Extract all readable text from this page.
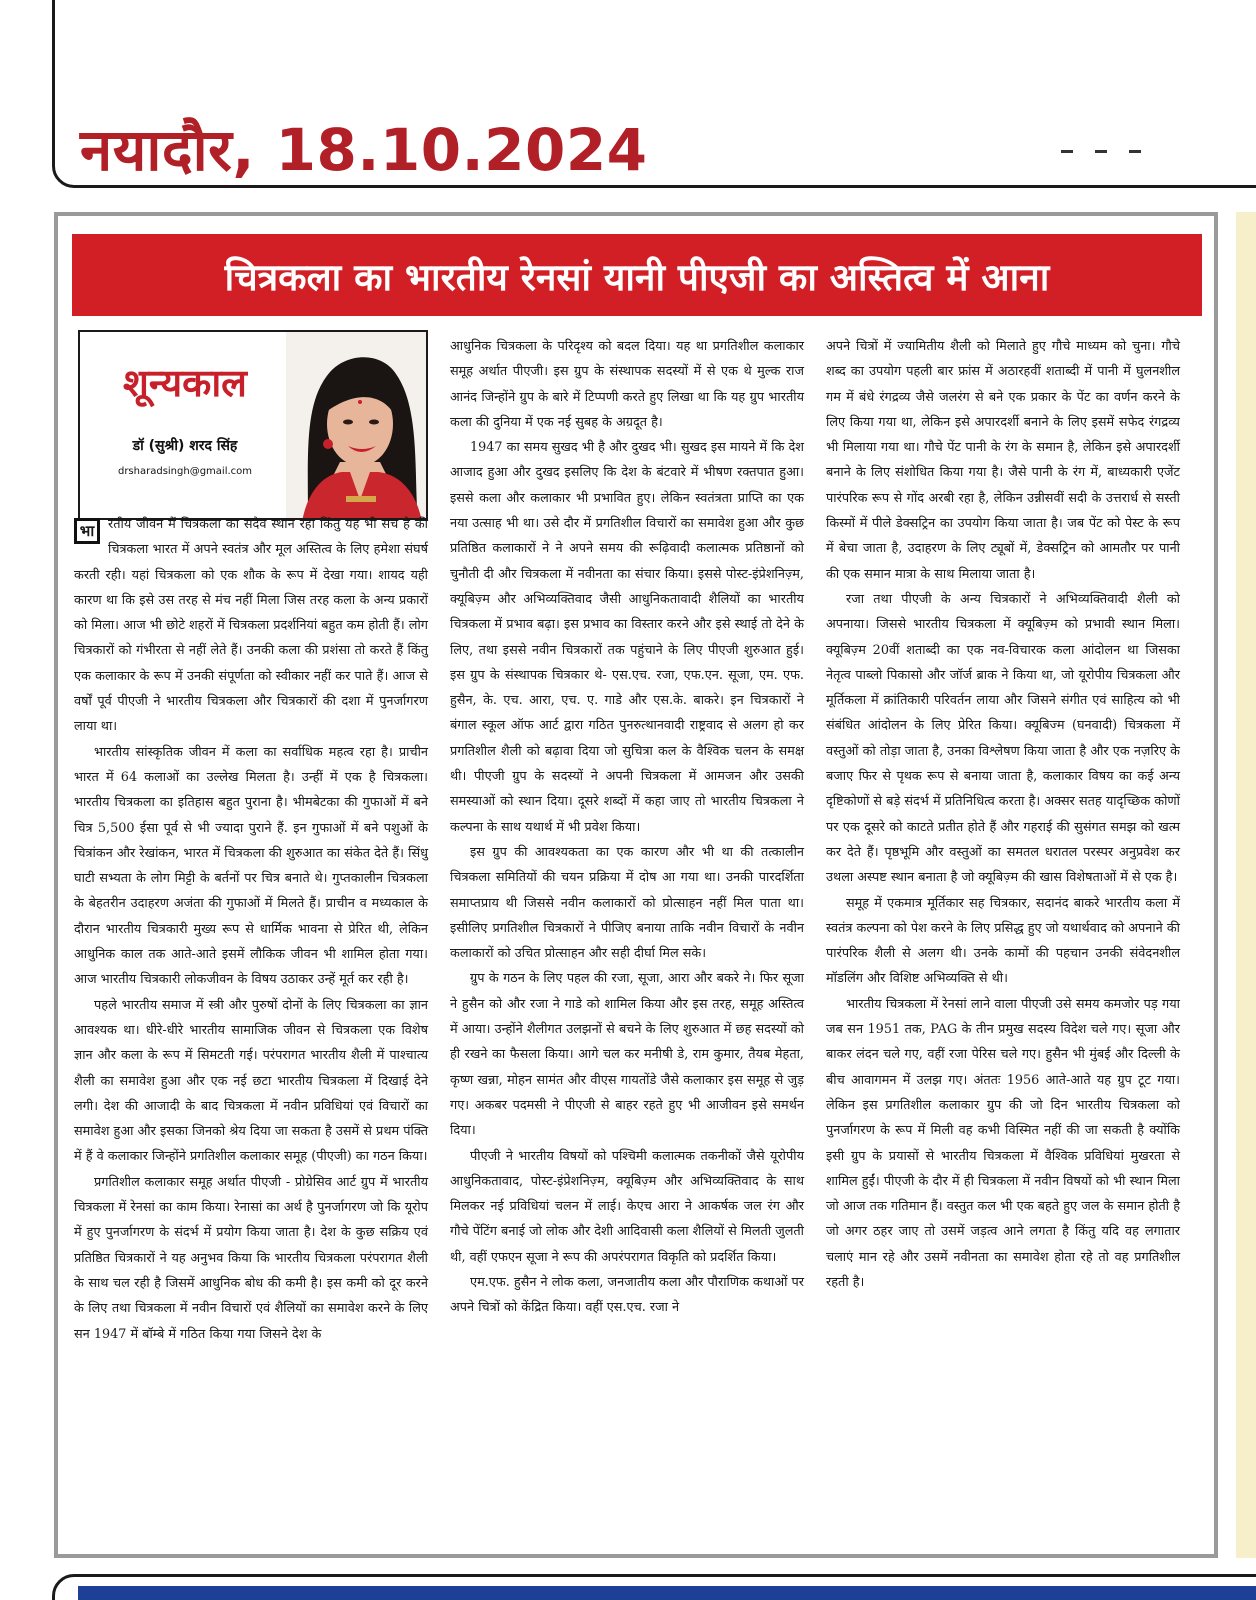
नयादौर, 18.10.2024
चित्रकला का भारतीय रेनसां यानी पीएजी का अस्तित्व में आना
शून्यकाल
डॉ (सुश्री) शरद सिंह
drsharadsingh@gmail.com

भा	रतीय जीवन में चित्रकला का सदैव स्थान रहा किंतु यह भी सच है की चित्रकला भारत में अपने स्वतंत्र और मूल अस्तित्व के लिए हमेशा संघर्ष करती रही। यहां चित्रकला को एक शौक के रूप में देखा गया। शायद यही कारण था कि इसे उस तरह से मंच नहीं मिला जिस तरह कला के अन्य प्रकारों को मिला। आज भी छोटे शहरों में चित्रकला प्रदर्शनियां बहुत कम होती हैं। लोग चित्रकारों को गंभीरता से नहीं लेते हैं। उनकी कला की प्रशंसा तो करते हैं किंतु एक कलाकार के रूप में उनकी संपूर्णता को स्वीकार नहीं कर पाते हैं। आज से वर्षों पूर्व पीएजी ने भारतीय चित्रकला और चित्रकारों की दशा में पुनर्जागरण लाया था।

भारतीय सांस्कृतिक जीवन में कला का सर्वाधिक महत्व रहा है। प्राचीन भारत में 64 कलाओं का उल्लेख मिलता है। उन्हीं में एक है चित्रकला। भारतीय चित्रकला का इतिहास बहुत पुराना है। भीमबेटका की गुफाओं में बने चित्र 5,500 ईसा पूर्व से भी ज्यादा पुराने हैं. इन गुफाओं में बने पशुओं के चित्रांकन और रेखांकन, भारत में चित्रकला की शुरुआत का संकेत देते हैं। सिंधु घाटी सभ्यता के लोग मिट्टी के बर्तनों पर चित्र बनाते थे। गुप्तकालीन चित्रकला के बेहतरीन उदाहरण अजंता की गुफाओं में मिलते हैं। प्राचीन व मध्यकाल के दौरान भारतीय चित्रकारी मुख्य रूप से धार्मिक भावना से प्रेरित थी, लेकिन आधुनिक काल तक आते-आते इसमें लौकिक जीवन भी शामिल होता गया। आज भारतीय चित्रकारी लोकजीवन के विषय उठाकर उन्हें मूर्त कर रही है।

पहले भारतीय समाज में स्त्री और पुरुषों दोनों के लिए चित्रकला का ज्ञान आवश्यक था। धीरे-धीरे भारतीय सामाजिक जीवन से चित्रकला एक विशेष ज्ञान और कला के रूप में सिमटती गई। परंपरागत भारतीय शैली में पाश्चात्य शैली का समावेश हुआ और एक नई छटा भारतीय चित्रकला में दिखाई देने लगी। देश की आजादी के बाद चित्रकला में नवीन प्रविधियां एवं विचारों का समावेश हुआ और इसका जिनको श्रेय दिया जा सकता है उसमें से प्रथम पंक्ति में हैं वे कलाकार जिन्होंने प्रगतिशील कलाकार समूह (पीएजी) का गठन किया।

प्रगतिशील कलाकार समूह अर्थात पीएजी - प्रोग्रेसिव आर्ट ग्रुप में भारतीय चित्रकला में रेनसां का काम किया। रेनासां का अर्थ है पुनर्जागरण जो कि यूरोप में हुए पुनर्जागरण के संदर्भ में प्रयोग किया जाता है। देश के कुछ सक्रिय एवं प्रतिष्ठित चित्रकारों ने यह अनुभव किया कि भारतीय चित्रकला परंपरागत शैली के साथ चल रही है जिसमें आधुनिक बोध की कमी है। इस कमी को दूर करने के लिए तथा चित्रकला में नवीन विचारों एवं शैलियों का समावेश करने के लिए सन 1947 में बॉम्बे में गठित किया गया जिसने देश के

आधुनिक चित्रकला के परिदृश्य को बदल दिया। यह था प्रगतिशील कलाकार समूह अर्थात पीएजी। इस ग्रुप के संस्थापक सदस्यों में से एक थे मुल्क राज आनंद जिन्होंने ग्रुप के बारे में टिप्पणी करते हुए लिखा था कि यह ग्रुप भारतीय कला की दुनिया में एक नई सुबह के अग्रदूत है।

1947 का समय सुखद भी है और दुखद भी। सुखद इस मायने में कि देश आजाद हुआ और दुखद इसलिए कि देश के बंटवारे में भीषण रक्तपात हुआ। इससे कला और कलाकार भी प्रभावित हुए। लेकिन स्वतंत्रता प्राप्ति का एक नया उत्साह भी था। उसे दौर में प्रगतिशील विचारों का समावेश हुआ और कुछ प्रतिष्ठित कलाकारों ने ने अपने समय की रूढ़िवादी कलात्मक प्रतिष्ठानों को चुनौती दी और चित्रकला में नवीनता का संचार किया। इससे पोस्ट-इंप्रेशनिज़्म, क्यूबिज़्म और अभिव्यक्तिवाद जैसी आधुनिकतावादी शैलियों का भारतीय चित्रकला में प्रभाव बढ़ा। इस प्रभाव का विस्तार करने और इसे स्थाई तो देने के लिए, तथा इससे नवीन चित्रकारों तक पहुंचाने के लिए पीएजी शुरुआत हुई। इस ग्रुप के संस्थापक चित्रकार थे- एस.एच. रजा, एफ.एन. सूजा, एम. एफ. हुसैन, के. एच. आरा, एच. ए. गाडे और एस.के. बाकरे। इन चित्रकारों ने बंगाल स्कूल ऑफ आर्ट द्वारा गठित पुनरुत्थानवादी राष्ट्रवाद से अलग हो कर प्रगतिशील शैली को बढ़ावा दिया जो सुचित्रा कल के वैश्विक चलन के समक्ष थी। पीएजी ग्रुप के सदस्यों ने अपनी चित्रकला में आमजन और उसकी समस्याओं को स्थान दिया। दूसरे शब्दों में कहा जाए तो भारतीय चित्रकला ने कल्पना के साथ यथार्थ में भी प्रवेश किया।

इस ग्रुप की आवश्यकता का एक कारण और भी था की तत्कालीन चित्रकला समितियों की चयन प्रक्रिया में दोष आ गया था। उनकी पारदर्शिता समाप्तप्राय थी जिससे नवीन कलाकारों को प्रोत्साहन नहीं मिल पाता था। इसीलिए प्रगतिशील चित्रकारों ने पीजिए बनाया ताकि नवीन विचारों के नवीन कलाकारों को उचित प्रोत्साहन और सही दीर्घा मिल सके।

ग्रुप के गठन के लिए पहल की रजा, सूजा, आरा और बकरे ने। फिर सूजा ने हुसैन को और रजा ने गाडे को शामिल किया और इस तरह, समूह अस्तित्व में आया। उन्होंने शैलीगत उलझनों से बचने के लिए शुरुआत में छह सदस्यों को ही रखने का फैसला किया। आगे चल कर मनीषी डे, राम कुमार, तैयब मेहता, कृष्ण खन्ना, मोहन सामंत और वीएस गायतोंडे जैसे कलाकार इस समूह से जुड़ गए। अकबर पदमसी ने पीएजी से बाहर रहते हुए भी आजीवन इसे समर्थन दिया।

पीएजी ने भारतीय विषयों को पश्चिमी कलात्मक तकनीकों जैसे यूरोपीय आधुनिकतावाद, पोस्ट-इंप्रेशनिज़्म, क्यूबिज़्म और अभिव्यक्तिवाद के साथ मिलकर नई प्रविधियां चलन में लाई। केएच आरा ने आकर्षक जल रंग और गौचे पेंटिंग बनाई जो लोक और देशी आदिवासी कला शैलियों से मिलती जुलती थी, वहीं एफएन सूजा ने रूप की अपरंपरागत विकृति को प्रदर्शित किया।

एम.एफ. हुसैन ने लोक कला, जनजातीय कला और पौराणिक कथाओं पर अपने चित्रों को केंद्रित किया। वहीं एस.एच. रजा ने

अपने चित्रों में ज्यामितीय शैली को मिलाते हुए गौचे माध्यम को चुना। गौचे शब्द का उपयोग पहली बार फ्रांस में अठारहवीं शताब्दी में पानी में घुलनशील गम में बंधे रंगद्रव्य जैसे जलरंग से बने एक प्रकार के पेंट का वर्णन करने के लिए किया गया था, लेकिन इसे अपारदर्शी बनाने के लिए इसमें सफेद रंगद्रव्य भी मिलाया गया था। गौचे पेंट पानी के रंग के समान है, लेकिन इसे अपारदर्शी बनाने के लिए संशोधित किया गया है। जैसे पानी के रंग में, बाध्यकारी एजेंट पारंपरिक रूप से गोंद अरबी रहा है, लेकिन उन्नीसवीं सदी के उत्तरार्ध से सस्ती किस्मों में पीले डेक्सट्रिन का उपयोग किया जाता है। जब पेंट को पेस्ट के रूप में बेचा जाता है, उदाहरण के लिए ट्यूबों में, डेक्सट्रिन को आमतौर पर पानी की एक समान मात्रा के साथ मिलाया जाता है।

रजा तथा पीएजी के अन्य चित्रकारों ने अभिव्यक्तिवादी शैली को अपनाया। जिससे भारतीय चित्रकला में क्यूबिज़्म को प्रभावी स्थान मिला। क्यूबिज़्म 20वीं शताब्दी का एक नव-विचारक कला आंदोलन था जिसका नेतृत्व पाब्लो पिकासो और जॉर्ज ब्राक ने किया था, जो यूरोपीय चित्रकला और मूर्तिकला में क्रांतिकारी परिवर्तन लाया और जिसने संगीत एवं साहित्य को भी संबंधित आंदोलन के लिए प्रेरित किया। क्यूबिज्म (घनवादी) चित्रकला में वस्तुओं को तोड़ा जाता है, उनका विश्लेषण किया जाता है और एक नज़रिए के बजाए फिर से पृथक रूप से बनाया जाता है, कलाकार विषय का कई अन्य दृष्टिकोणों से बड़े संदर्भ में प्रतिनिधित्व करता है। अक्सर सतह यादृच्छिक कोणों पर एक दूसरे को काटते प्रतीत होते हैं और गहराई की सुसंगत समझ को खत्म कर देते हैं। पृष्ठभूमि और वस्तुओं का समतल धरातल परस्पर अनुप्रवेश कर उथला अस्पष्ट स्थान बनाता है जो क्यूबिज़्म की खास विशेषताओं में से एक है।

समूह में एकमात्र मूर्तिकार सह चित्रकार, सदानंद बाकरे भारतीय कला में स्वतंत्र कल्पना को पेश करने के लिए प्रसिद्ध हुए जो यथार्थवाद को अपनाने की पारंपरिक शैली से अलग थी। उनके कामों की पहचान उनकी संवेदनशील मॉडलिंग और विशिष्ट अभिव्यक्ति से थी।

भारतीय चित्रकला में रेनसां लाने वाला पीएजी उसे समय कमजोर पड़ गया जब सन 1951 तक, PAG के तीन प्रमुख सदस्य विदेश चले गए। सूजा और बाकर लंदन चले गए, वहीं रजा पेरिस चले गए। हुसैन भी मुंबई और दिल्ली के बीच आवागमन में उलझ गए। अंततः 1956 आते-आते यह ग्रुप टूट गया। लेकिन इस प्रगतिशील कलाकार ग्रुप की जो दिन भारतीय चित्रकला को पुनर्जागरण के रूप में मिली वह कभी विस्मित नहीं की जा सकती है क्योंकि इसी ग्रुप के प्रयासों से भारतीय चित्रकला में वैश्विक प्रविधियां मुखरता से शामिल हुईं। पीएजी के दौर में ही चित्रकला में नवीन विषयों को भी स्थान मिला जो आज तक गतिमान हैं। वस्तुत कल भी एक बहते हुए जल के समान होती है जो अगर ठहर जाए तो उसमें जड़त्व आने लगता है किंतु यदि वह लगातार चलाएं मान रहे और उसमें नवीनता का समावेश होता रहे तो वह प्रगतिशील रहती है।
